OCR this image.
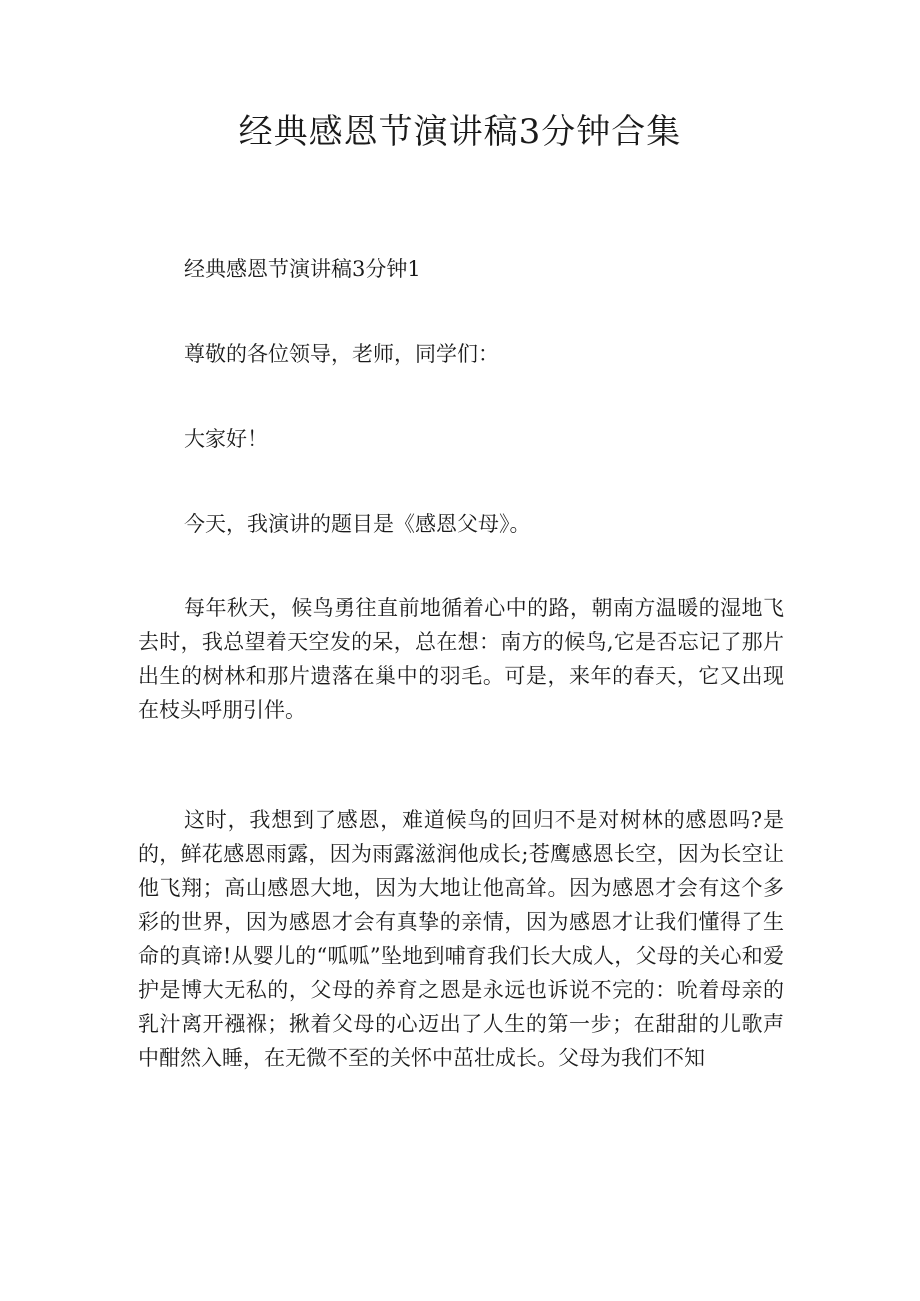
经典感恩节演讲稿3分钟合集

经典感恩节演讲稿3分钟1

尊敬的各位领导，老师，同学们：

大家好！

今天，我演讲的题目是《感恩父母》。

每年秋天，候鸟勇往直前地循着心中的路，朝南方温暖的湿地飞去时，我总望着天空发的呆，总在想：南方的候鸟,它是否忘记了那片出生的树林和那片遗落在巢中的羽毛。可是，来年的春天，它又出现在枝头呼朋引伴。

这时，我想到了感恩，难道候鸟的回归不是对树林的感恩吗?是的，鲜花感恩雨露，因为雨露滋润他成长;苍鹰感恩长空，因为长空让他飞翔；高山感恩大地，因为大地让他高耸。因为感恩才会有这个多彩的世界，因为感恩才会有真挚的亲情，因为感恩才让我们懂得了生命的真谛!从婴儿的“呱呱”坠地到哺育我们长大成人，父母的关心和爱护是博大无私的，父母的养育之恩是永远也诉说不完的：吮着母亲的乳汁离开襁褓；揪着父母的心迈出了人生的第一步；在甜甜的儿歌声中酣然入睡，在无微不至的关怀中茁壮成长。父母为我们不知
